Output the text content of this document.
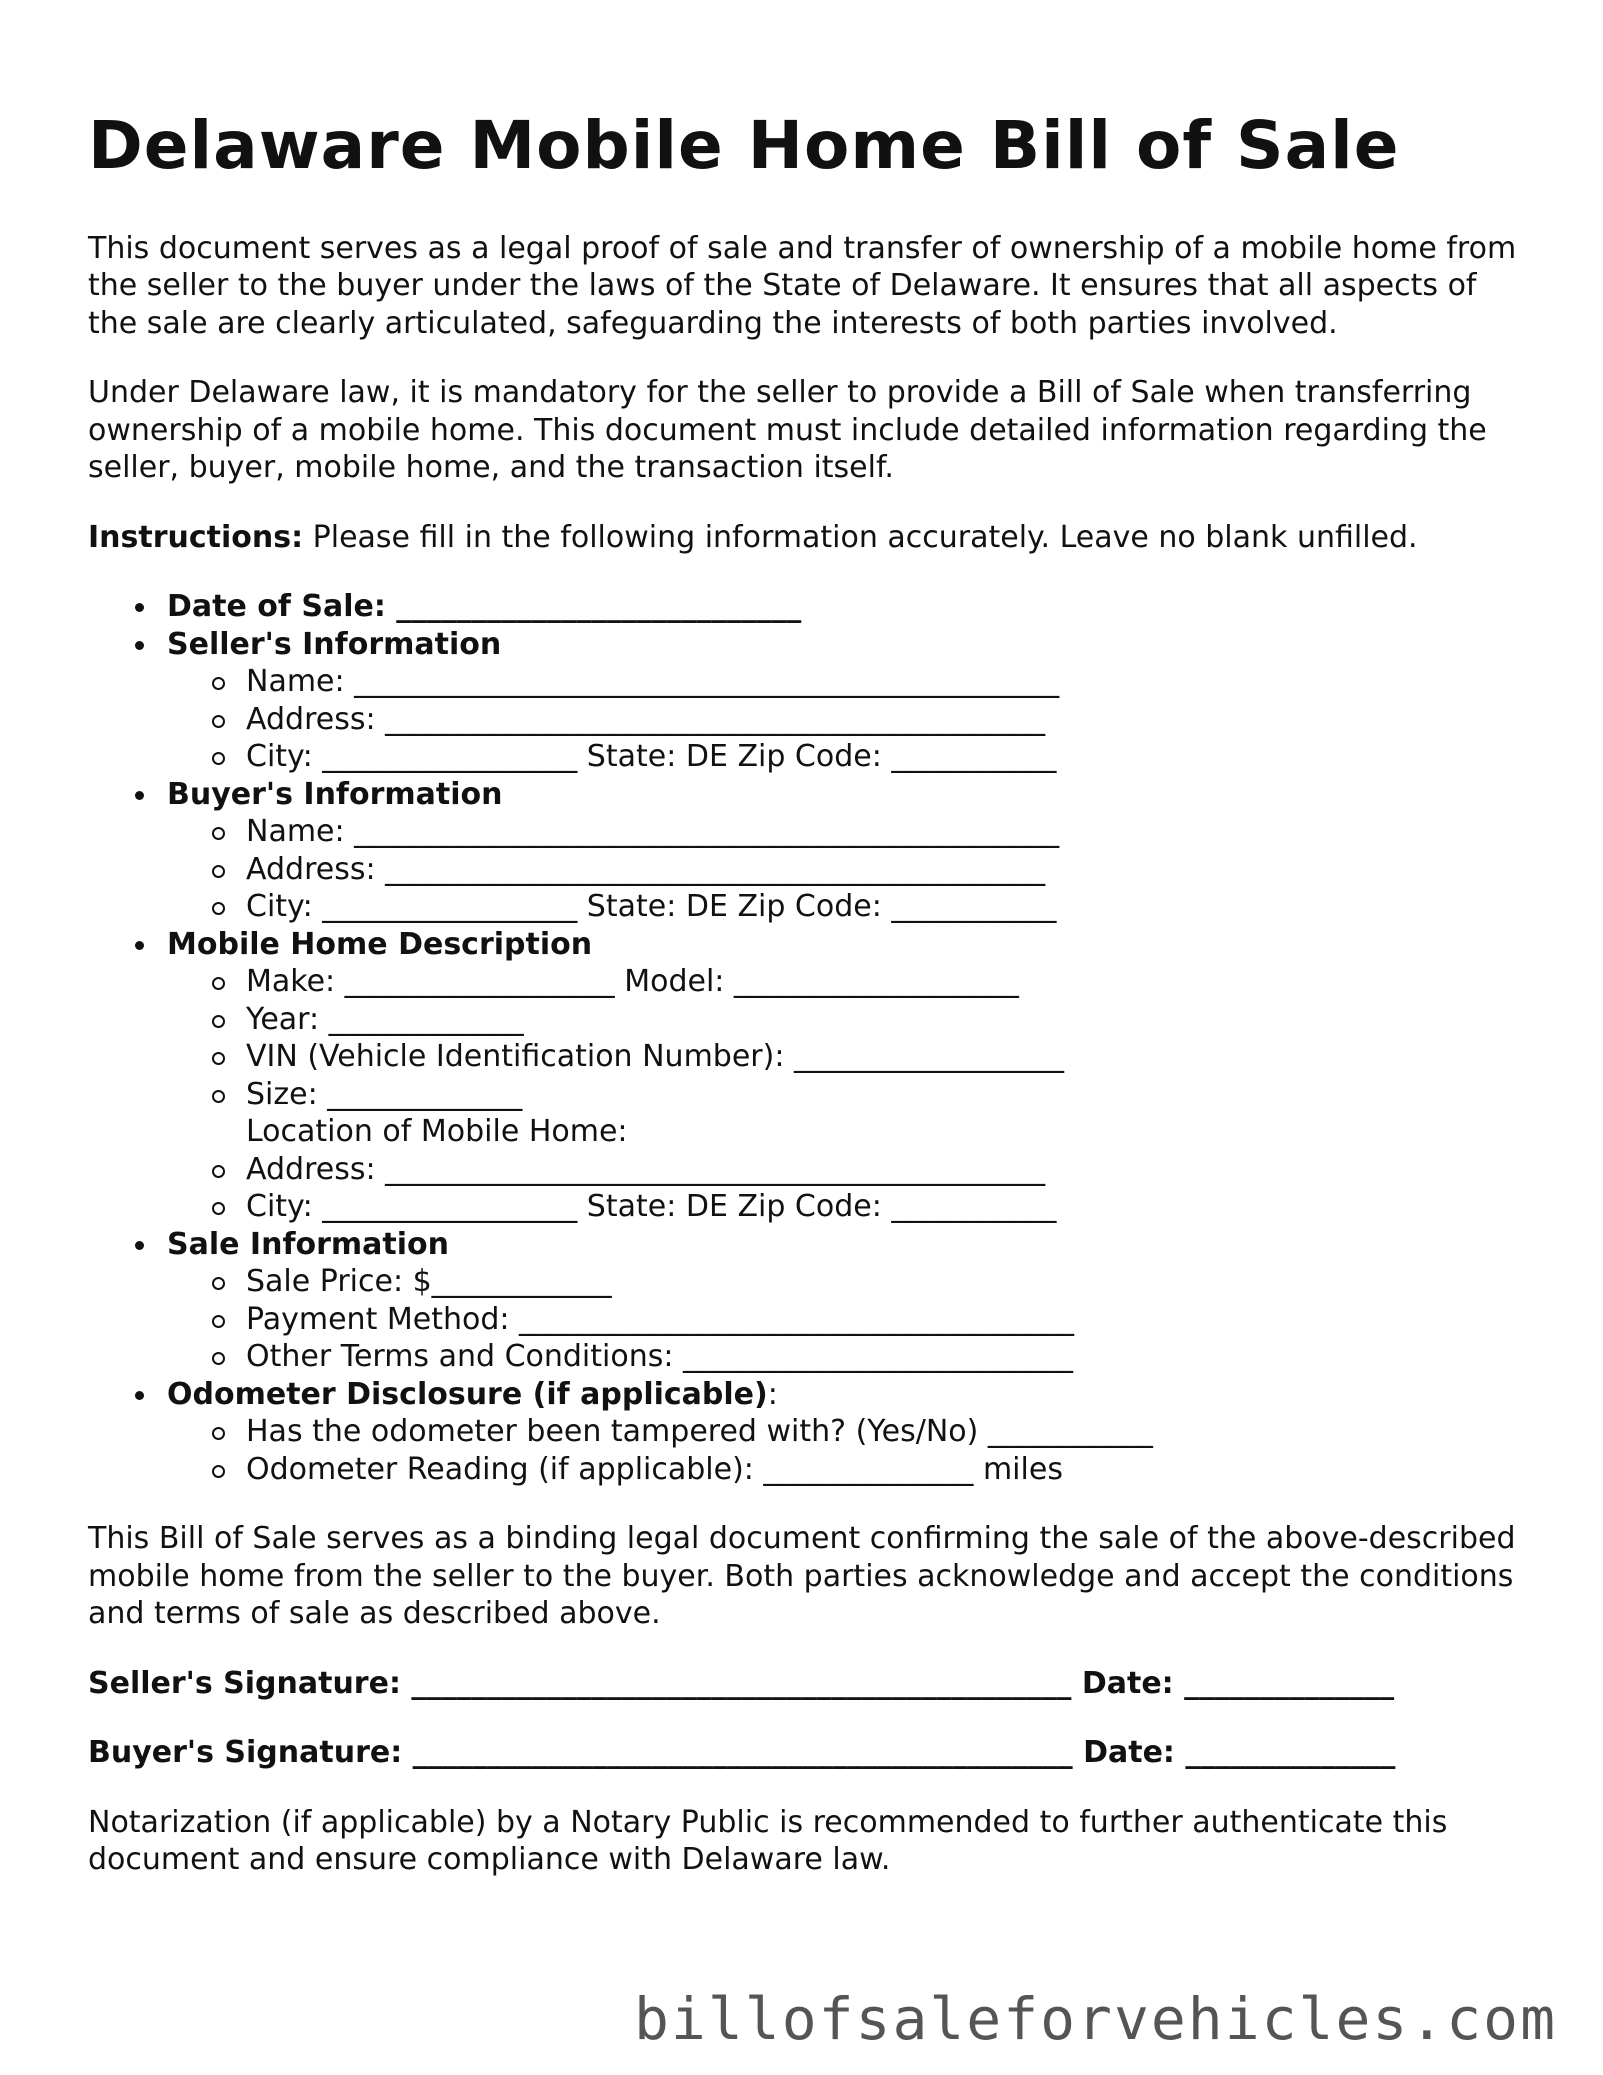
Delaware Mobile Home Bill of Sale

This document serves as a legal proof of sale and transfer of ownership of a mobile home from the seller to the buyer under the laws of the State of Delaware. It ensures that all aspects of the sale are clearly articulated, safeguarding the interests of both parties involved.

Under Delaware law, it is mandatory for the seller to provide a Bill of Sale when transferring ownership of a mobile home. This document must include detailed information regarding the seller, buyer, mobile home, and the transaction itself.

Instructions: Please fill in the following information accurately. Leave no blank unfilled.

Date of Sale: ___________________________
Seller's Information
Name: _______________________________________________
Address: ____________________________________________
City: _________________ State: DE Zip Code: ___________
Buyer's Information
Name: _______________________________________________
Address: ____________________________________________
City: _________________ State: DE Zip Code: ___________
Mobile Home Description
Make: __________________ Model: ___________________
Year: _____________
VIN (Vehicle Identification Number): __________________
Size: _____________
Location of Mobile Home:
Address: ____________________________________________
City: _________________ State: DE Zip Code: ___________
Sale Information
Sale Price: $____________
Payment Method: _____________________________________
Other Terms and Conditions: __________________________
Odometer Disclosure (if applicable):
Has the odometer been tampered with? (Yes/No) ___________
Odometer Reading (if applicable): ______________ miles

This Bill of Sale serves as a binding legal document confirming the sale of the above-described mobile home from the seller to the buyer. Both parties acknowledge and accept the conditions and terms of sale as described above.

Seller's Signature: ____________________________________________ Date: ______________
Buyer's Signature: ____________________________________________ Date: ______________

Notarization (if applicable) by a Notary Public is recommended to further authenticate this document and ensure compliance with Delaware law.

billofsaleforvehicles.com
